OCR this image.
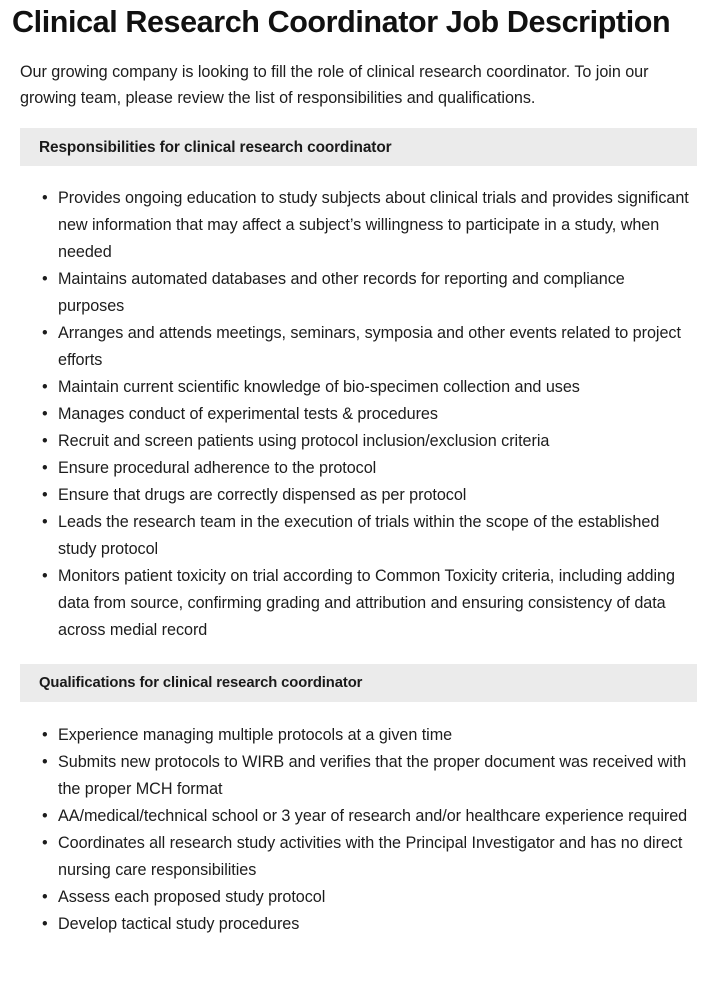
Clinical Research Coordinator Job Description

Our growing company is looking to fill the role of clinical research coordinator. To join our growing team, please review the list of responsibilities and qualifications.

Responsibilities for clinical research coordinator
• Provides ongoing education to study subjects about clinical trials and provides significant new information that may affect a subject’s willingness to participate in a study, when needed
• Maintains automated databases and other records for reporting and compliance purposes
• Arranges and attends meetings, seminars, symposia and other events related to project efforts
• Maintain current scientific knowledge of bio-specimen collection and uses
• Manages conduct of experimental tests & procedures
• Recruit and screen patients using protocol inclusion/exclusion criteria
• Ensure procedural adherence to the protocol
• Ensure that drugs are correctly dispensed as per protocol
• Leads the research team in the execution of trials within the scope of the established study protocol
• Monitors patient toxicity on trial according to Common Toxicity criteria, including adding data from source, confirming grading and attribution and ensuring consistency of data across medial record
Qualifications for clinical research coordinator
• Experience managing multiple protocols at a given time
• Submits new protocols to WIRB and verifies that the proper document was received with the proper MCH format
• AA/medical/technical school or 3 year of research and/or healthcare experience required
• Coordinates all research study activities with the Principal Investigator and has no direct nursing care responsibilities
• Assess each proposed study protocol
• Develop tactical study procedures
